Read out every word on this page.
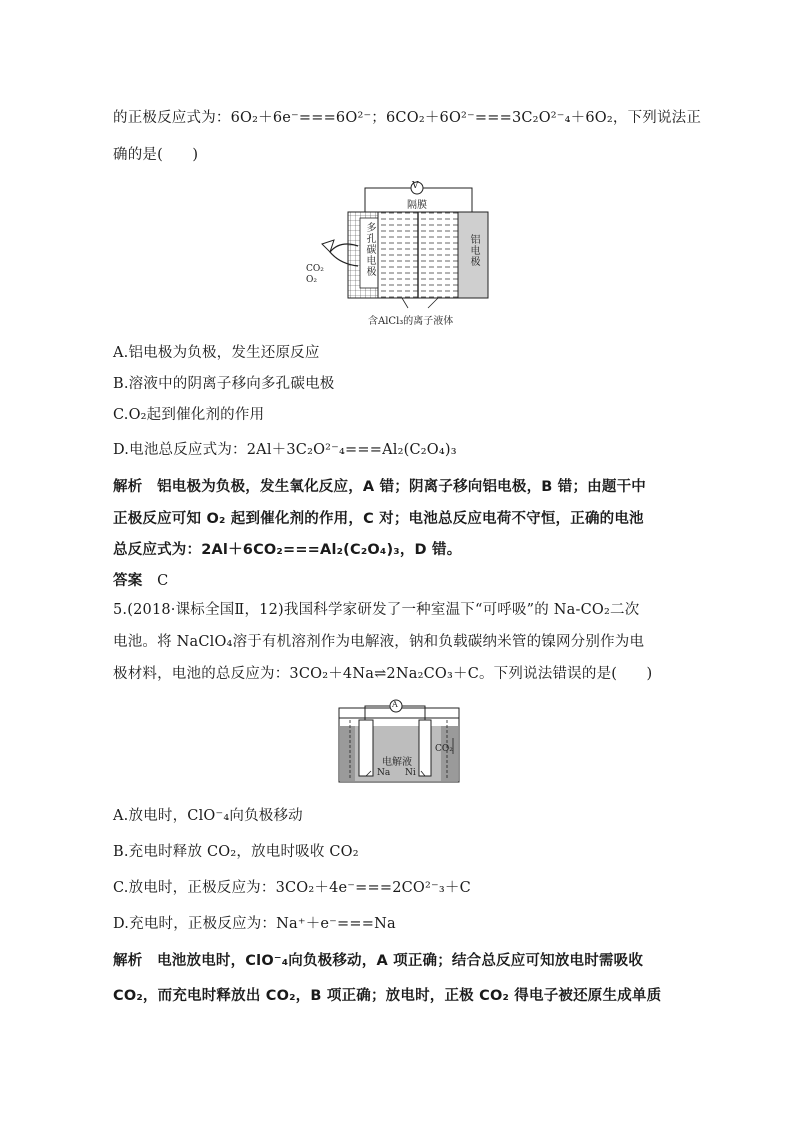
的正极反应式为：6O₂＋6e⁻===6O²⁻；6CO₂＋6O²⁻===3C₂O²⁻₄＋6O₂，下列说法正
确的是(　　)
V
隔膜
多孔碳电极	铝电极
CO₂
O₂
含AlCl₃的离子液体
A.铝电极为负极，发生还原反应
B.溶液中的阴离子移向多孔碳电极
C.O₂起到催化剂的作用
D.电池总反应式为：2Al＋3C₂O²⁻₄===Al₂(C₂O₄)₃
解析　 铝电极为负极，发生氧化反应，A 错；阴离子移向铝电极，B 错；由题干中
正极反应可知 O₂ 起到催化剂的作用，C 对；电池总反应电荷不守恒，正确的电池
总反应式为：2Al＋6CO₂===Al₂(C₂O₄)₃，D 错。
答案　 C
5.(2018·课标全国Ⅱ，12)我国科学家研发了一种室温下“可呼吸”的 Na-CO₂二次
电池。将 NaClO₄溶于有机溶剂作为电解液，钠和负载碳纳米管的镍网分别作为电
极材料，电池的总反应为：3CO₂＋4Na⇌2Na₂CO₃＋C。下列说法错误的是(　　)
A
电解液
Na Ni
CO₂
A.放电时，ClO⁻₄向负极移动
B.充电时释放 CO₂，放电时吸收 CO₂
C.放电时，正极反应为：3CO₂＋4e⁻===2CO²⁻₃＋C
D.充电时，正极反应为：Na⁺＋e⁻===Na
解析　 电池放电时，ClO⁻₄向负极移动，A 项正确；结合总反应可知放电时需吸收
CO₂，而充电时释放出 CO₂，B 项正确；放电时，正极 CO₂ 得电子被还原生成单质
